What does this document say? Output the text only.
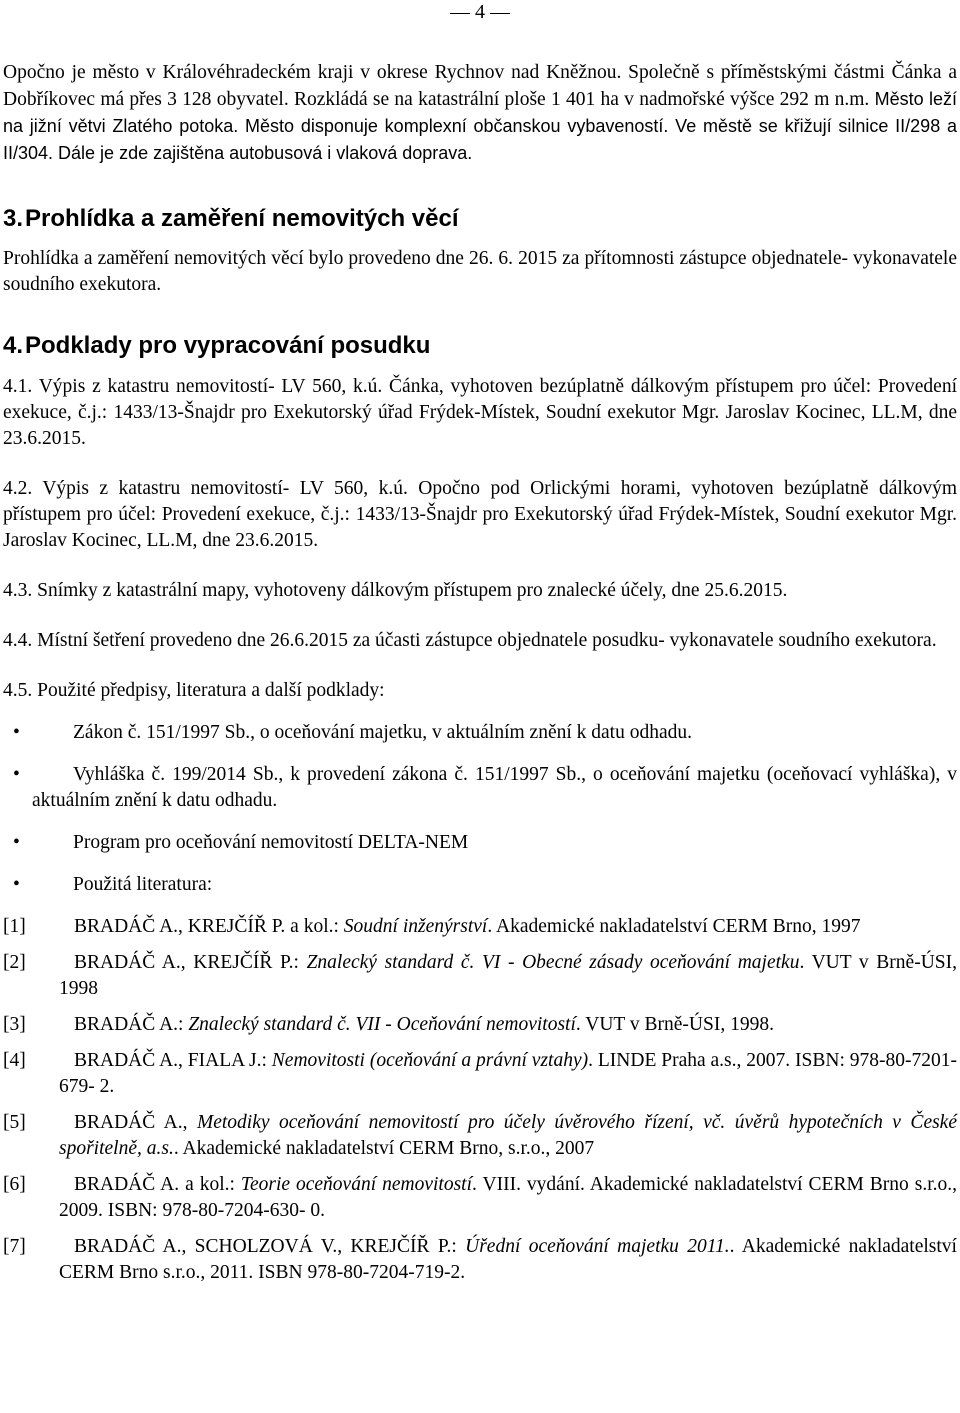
— 4 —

Opočno je město v Královéhradeckém kraji v okrese Rychnov nad Kněžnou. Společně s příměstskými částmi Čánka a Dobříkovec má přes 3 128 obyvatel. Rozkládá se na katastrální ploše 1 401 ha v nadmořské výšce 292 m n.m. Město leží na jižní větvi Zlatého potoka. Město disponuje komplexní občanskou vybaveností. Ve městě se křižují silnice II/298 a II/304. Dále je zde zajištěna autobusová i vlaková doprava.

3.Prohlídka a zaměření nemovitých věcí

Prohlídka a zaměření nemovitých věcí bylo provedeno dne 26. 6. 2015 za přítomnosti zástupce objednatele- vykonavatele soudního exekutora.

4.Podklady pro vypracování posudku

4.1. Výpis z katastru nemovitostí- LV 560, k.ú. Čánka, vyhotoven bezúplatně dálkovým přístupem pro účel: Provedení exekuce, č.j.: 1433/13-Šnajdr pro Exekutorský úřad Frýdek-Místek, Soudní exekutor Mgr. Jaroslav Kocinec, LL.M, dne 23.6.2015.

4.2. Výpis z katastru nemovitostí- LV 560, k.ú. Opočno pod Orlickými horami, vyhotoven bezúplatně dálkovým přístupem pro účel: Provedení exekuce, č.j.: 1433/13-Šnajdr pro Exekutorský úřad Frýdek-Místek, Soudní exekutor Mgr. Jaroslav Kocinec, LL.M, dne 23.6.2015.

4.3. Snímky z katastrální mapy, vyhotoveny dálkovým přístupem pro znalecké účely, dne 25.6.2015.

4.4. Místní šetření provedeno dne 26.6.2015 za účasti zástupce objednatele posudku- vykonavatele soudního exekutora.

4.5. Použité předpisy, literatura a další podklady:

•	Zákon č. 151/1997 Sb., o oceňování majetku, v aktuálním znění k datu odhadu.

•	Vyhláška č. 199/2014 Sb., k provedení zákona č. 151/1997 Sb., o oceňování majetku (oceňovací vyhláška), v aktuálním znění k datu odhadu.

•	Program pro oceňování nemovitostí DELTA-NEM

•	Použitá literatura:

[1]	BRADÁČ A., KREJČÍŘ P. a kol.: Soudní inženýrství. Akademické nakladatelství CERM Brno, 1997

[2]	BRADÁČ A., KREJČÍŘ P.: Znalecký standard č. VI - Obecné zásady oceňování majetku. VUT v Brně-ÚSI, 1998

[3]	BRADÁČ A.: Znalecký standard č. VII - Oceňování nemovitostí. VUT v Brně-ÚSI, 1998.

[4]	BRADÁČ A., FIALA J.: Nemovitosti (oceňování a právní vztahy). LINDE Praha a.s., 2007. ISBN: 978-80-7201-679- 2.

[5]	BRADÁČ A., Metodiky oceňování nemovitostí pro účely úvěrového řízení, vč. úvěrů hypotečních v České spořitelně, a.s.. Akademické nakladatelství CERM Brno, s.r.o., 2007

[6]	BRADÁČ A. a kol.: Teorie oceňování nemovitostí. VIII. vydání. Akademické nakladatelství CERM Brno s.r.o., 2009. ISBN: 978-80-7204-630- 0.

[7]	BRADÁČ A., SCHOLZOVÁ V., KREJČÍŘ P.: Úřední oceňování majetku 2011.. Akademické nakladatelství CERM Brno s.r.o., 2011. ISBN 978-80-7204-719-2.
